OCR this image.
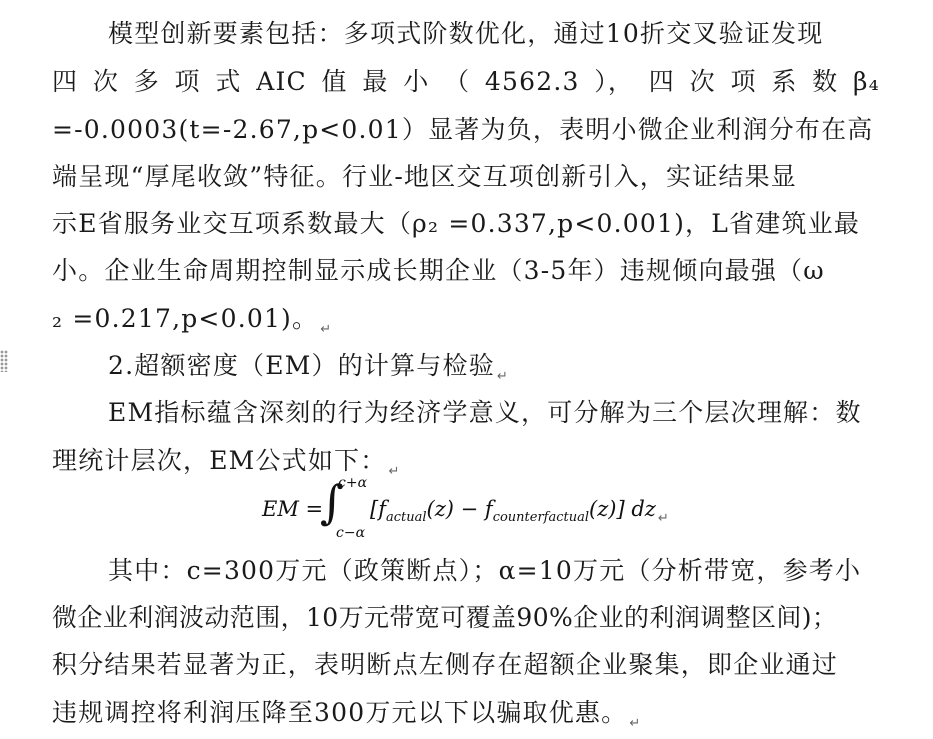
模型创新要素包括：多项式阶数优化，通过10折交叉验证发现
四 次 多 项 式 AIC 值 最 小 （ 4562.3 ）， 四 次 项 系 数 β₄
=-0.0003(t=-2.67,p<0.01）显著为负，表明小微企业利润分布在高
端呈现“厚尾收敛”特征。行业-地区交互项创新引入，实证结果显
示E省服务业交互项系数最大（ρ₂ =0.337,p<0.001)，L省建筑业最
小。企业生命周期控制显示成长期企业（3-5年）违规倾向最强（ω
₂ =0.217,p<0.01)。 $_↵$
2.超额密度（EM）的计算与检验 $_↵$
EM指标蕴含深刻的行为经济学意义，可分解为三个层次理解：数
理统计层次，EM公式如下： $_↵$
EM =
∫
c+α
c−α
$[f_{actual}(z) - f_{counterfactual}(z)]$ dz $_↵$
其中：c=300万元（政策断点）；α=10万元（分析带宽，参考小
微企业利润波动范围，10万元带宽可覆盖90%企业的利润调整区间)；
积分结果若显著为正，表明断点左侧存在超额企业聚集，即企业通过
违规调控将利润压降至300万元以下以骗取优惠。 $_↵$
